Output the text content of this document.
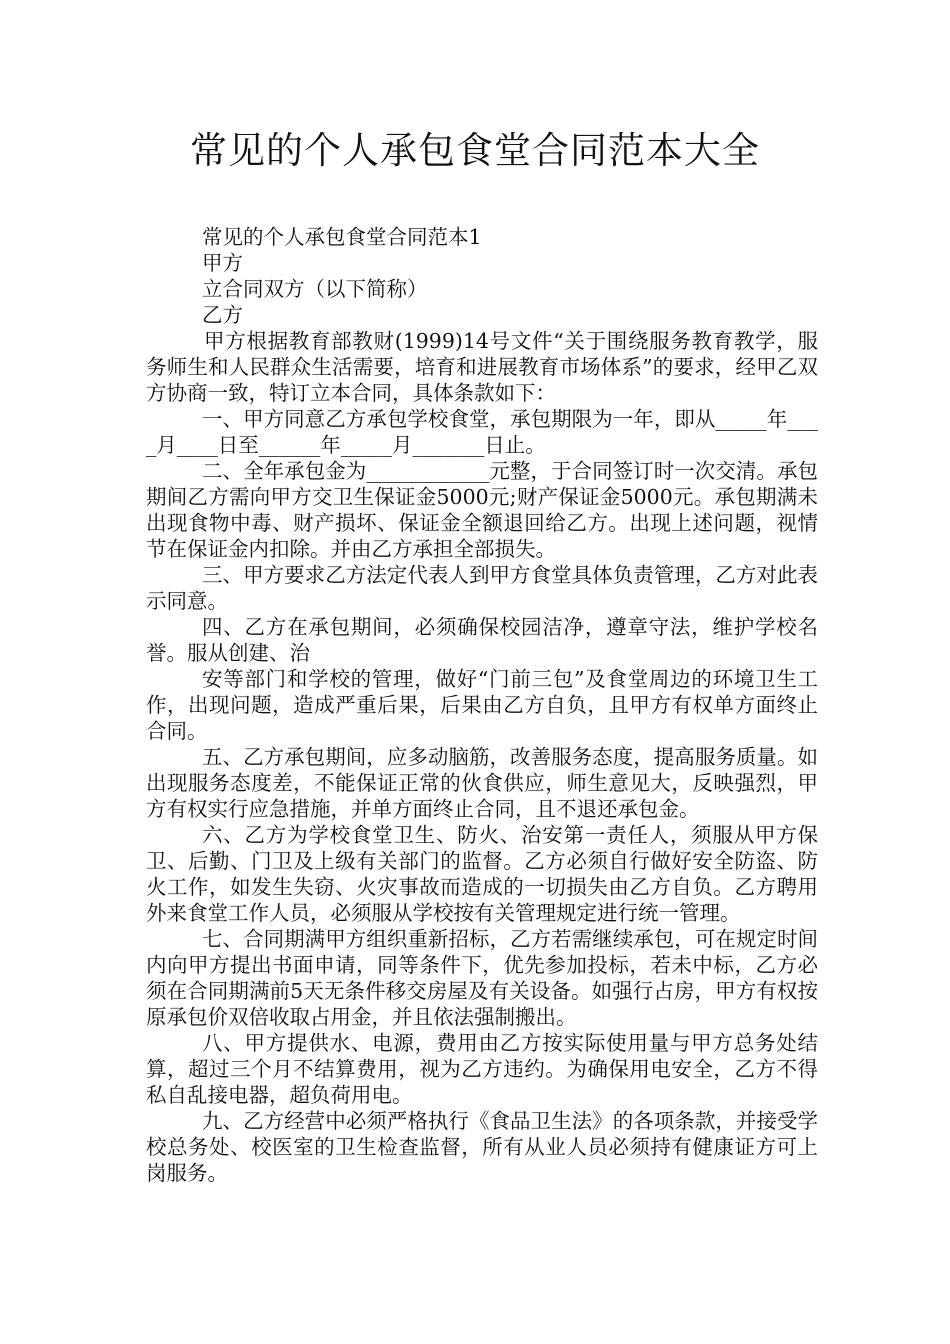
常见的个人承包食堂合同范本大全

常见的个人承包食堂合同范本1

甲方

立合同双方（以下简称）

乙方

甲方根据教育部教财(1999)14号文件“关于围绕服务教育教学，服务师生和人民群众生活需要，培育和进展教育市场体系”的要求，经甲乙双方协商一致，特订立本合同，具体条款如下：

一、甲方同意乙方承包学校食堂，承包期限为一年，即从_____年____月____日至______年_____月_______日止。

二、全年承包金为____________元整，于合同签订时一次交清。承包期间乙方需向甲方交卫生保证金5000元;财产保证金5000元。承包期满未出现食物中毒、财产损坏、保证金全额退回给乙方。出现上述问题，视情节在保证金内扣除。并由乙方承担全部损失。

三、甲方要求乙方法定代表人到甲方食堂具体负责管理，乙方对此表示同意。

四、乙方在承包期间，必须确保校园洁净，遵章守法，维护学校名誉。服从创建、治

安等部门和学校的管理，做好“门前三包”及食堂周边的环境卫生工作，出现问题，造成严重后果，后果由乙方自负，且甲方有权单方面终止合同。

五、乙方承包期间，应多动脑筋，改善服务态度，提高服务质量。如出现服务态度差，不能保证正常的伙食供应，师生意见大，反映强烈，甲方有权实行应急措施，并单方面终止合同，且不退还承包金。

六、乙方为学校食堂卫生、防火、治安第一责任人，须服从甲方保卫、后勤、门卫及上级有关部门的监督。乙方必须自行做好安全防盗、防火工作，如发生失窃、火灾事故而造成的一切损失由乙方自负。乙方聘用外来食堂工作人员，必须服从学校按有关管理规定进行统一管理。

七、合同期满甲方组织重新招标，乙方若需继续承包，可在规定时间内向甲方提出书面申请，同等条件下，优先参加投标，若未中标，乙方必须在合同期满前5天无条件移交房屋及有关设备。如强行占房，甲方有权按原承包价双倍收取占用金，并且依法强制搬出。

八、甲方提供水、电源，费用由乙方按实际使用量与甲方总务处结算，超过三个月不结算费用，视为乙方违约。为确保用电安全，乙方不得私自乱接电器，超负荷用电。

九、乙方经营中必须严格执行《食品卫生法》的各项条款，并接受学校总务处、校医室的卫生检查监督，所有从业人员必须持有健康证方可上岗服务。
